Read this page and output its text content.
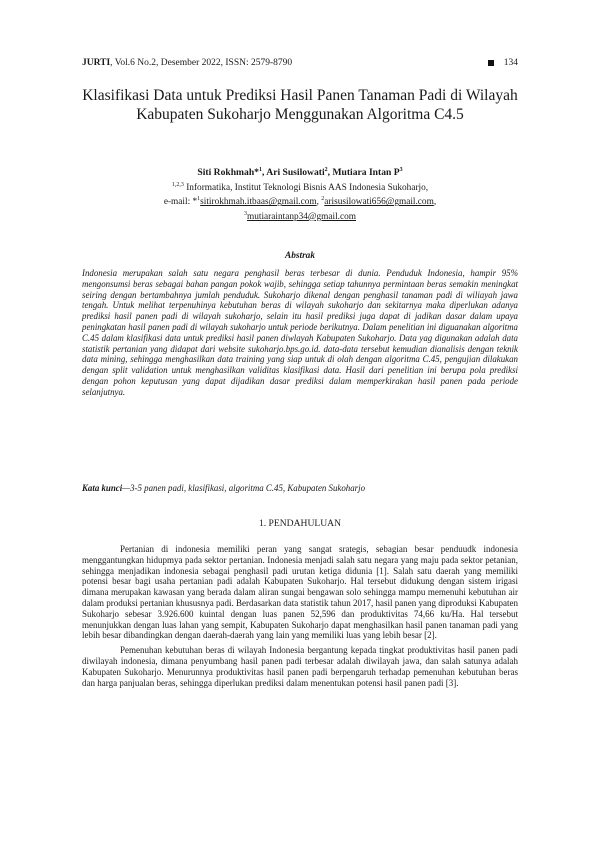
JURTI, Vol.6 No.2, Desember 2022, ISSN: 2579-8790	134
Klasifikasi Data untuk Prediksi Hasil Panen Tanaman Padi di Wilayah Kabupaten Sukoharjo Menggunakan Algoritma C4.5
Siti Rokhmah*$^1$, Ari Susilowati$^2$, Mutiara Intan $P^3$
$^{1,2,3}$ Informatika, Institut Teknologi Bisnis AAS Indonesia Sukoharjo,
e-mail: *$^1$sitirokhmah.itbaas@gmail.com, $^2$arisusilowati656@gmail.com,
$^3$mutiaraintanp34@gmail.com
Abstrak

Indonesia merupakan salah satu negara penghasil beras terbesar di dunia. Penduduk Indonesia, hampir 95% mengonsumsi beras sebagai bahan pangan pokok wajib, sehingga setiap tahunnya permintaan beras semakin meningkat seiring dengan bertambahnya jumlah penduduk. Sukoharjo dikenal dengan penghasil tanaman padi di wiliayah jawa tengah. Untuk melihat terpenuhinya kebutuhan beras di wilayah sukoharjo dan sekitarnya maka diperlukan adanya prediksi hasil panen padi di wilayah sukoharjo, selain itu hasil prediksi juga dapat di jadikan dasar dalam upaya peningkatan hasil panen padi di wilayah sukoharjo untuk periode berikutnya. Dalam penelitian ini diguanakan algoritma C.45 dalam klasifikasi data untuk prediksi hasil panen diwlayah Kabupaten Sukoharjo. Data yag digunakan adalah data statistik pertanian yang didapat dari website sukoharjo.bps.go.id. data-data tersebut kemudian dianalisis dengan teknik data mining, sehingga menghasilkan data training yang siap untuk di olah dengan algoritma C.45, pengujian dilakukan dengan split validation untuk menghasilkan validitas klasifikasi data. Hasil dari penelitian ini berupa pola prediksi dengan pohon keputusan yang dapat dijadikan dasar prediksi dalam memperkirakan hasil panen pada periode selanjutnya.

Kata kunci—3-5 panen padi, klasifikasi, algoritma C.45, Kabupaten Sukoharjo
1. PENDAHULUAN

Pertanian di indonesia memiliki peran yang sangat srategis, sebagian besar penduudk indonesia menggantungkan hidupmya pada sektor pertanian. Indonesia menjadi salah satu negara yang maju pada sektor petanian, sehingga menjadikan indonesia sebagai penghasil padi urutan ketiga didunia [1]. Salah satu daerah yang memiliki potensi besar bagi usaha pertanian padi adalah Kabupaten Sukoharjo. Hal tersebut didukung dengan sistem irigasi dimana merupakan kawasan yang berada dalam aliran sungai bengawan solo sehingga mampu memenuhi kebutuhan air dalam produksi pertanian khususnya padi. Berdasarkan data statistik tahun 2017, hasil panen yang diproduksi Kabupaten Sukoharjo sebesar 3.926.600 kuintal dengan luas panen 52,596 dan produktivitas 74,66 ku/Ha. Hal tersebut menunjukkan dengan luas lahan yang sempit, Kabupaten Sukoharjo dapat menghasilkan hasil panen tanaman padi yang lebih besar dibandingkan dengan daerah-daerah yang lain yang memiliki luas yang lebih besar [2].

Pemenuhan kebutuhan beras di wilayah Indonesia bergantung kepada tingkat produktivitas hasil panen padi diwilayah indonesia, dimana penyumbang hasil panen padi terbesar adalah diwilayah jawa, dan salah satunya adalah Kabupaten Sukoharjo. Menurunnya produktivitas hasil panen padi berpengaruh terhadap pemenuhan kebutuhan beras dan harga panjualan beras, sehingga diperlukan prediksi dalam menentukan potensi hasil panen padi [3].
